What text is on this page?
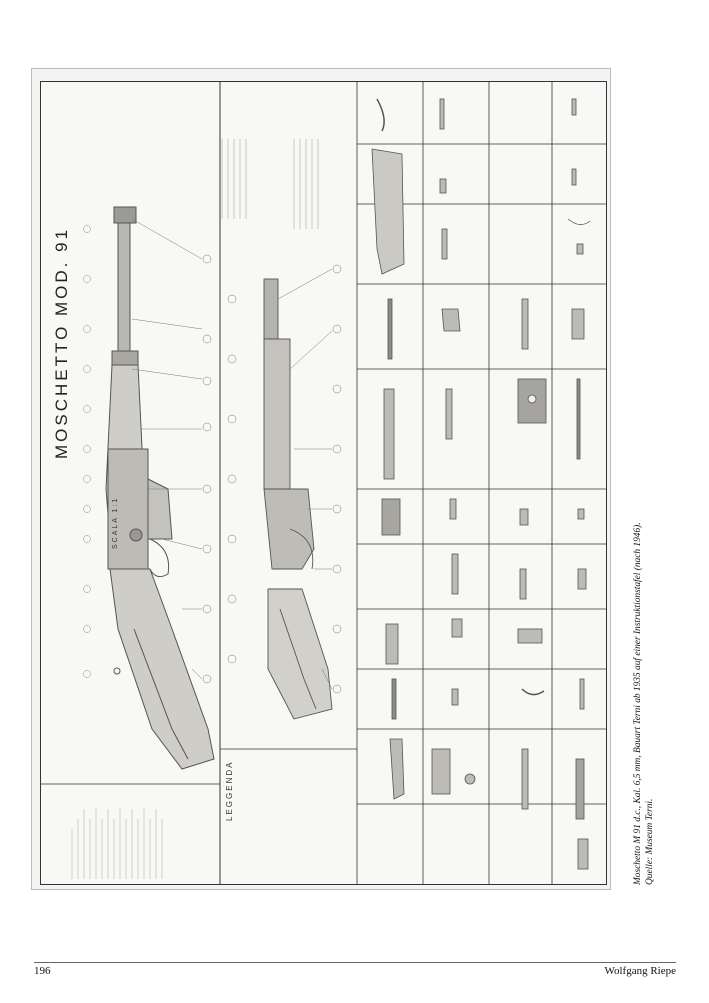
MOSCHETTO MOD. 91
SCALA 1:1
LEGGENDA	Moschetto M 91 d.c., Kal. 6,5 mm, Bauart Terni ab 1935 auf einer Instruktionstafel (nach 1946). Quelle: Museum Terni.
196	Wolfgang Riepe
